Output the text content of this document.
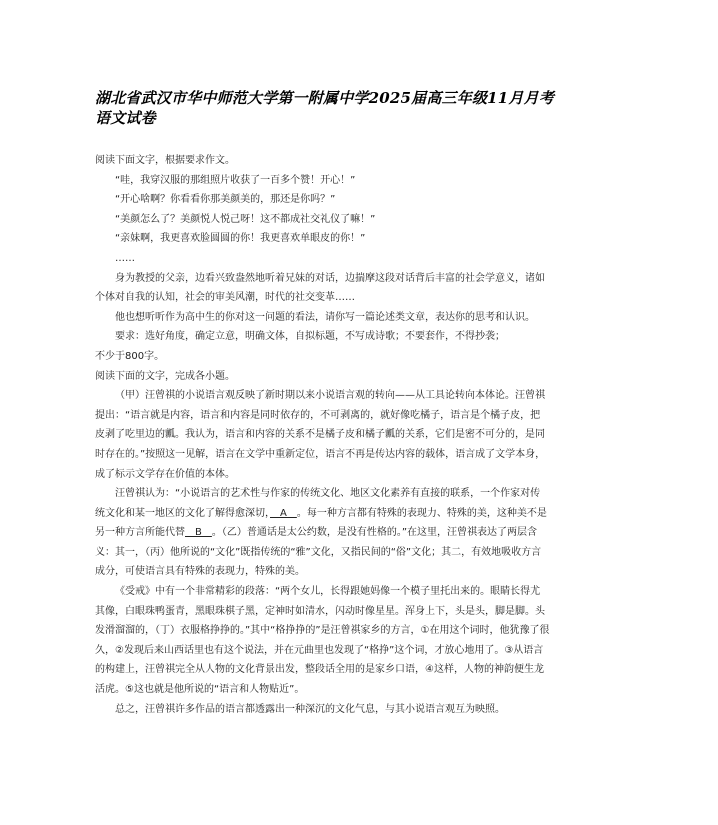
湖北省武汉市华中师范大学第一附属中学2025届高三年级11月月考语文试卷

阅读下面文字，根据要求作文。

“哇，我穿汉服的那组照片收获了一百多个赞！开心！”

“开心啥啊？你看看你那美颜美的，那还是你吗？”

“美颜怎么了？美颜悦人悦己呀！这不都成社交礼仪了嘛！”

“亲妹啊，我更喜欢脸圆圆的你！我更喜欢单眼皮的你！”

……

身为教授的父亲，边看兴致盎然地听着兄妹的对话，边揣摩这段对话背后丰富的社会学意义，诸如个体对自我的认知，社会的审美风潮，时代的社交变革……

他也想听听作为高中生的你对这一问题的看法，请你写一篇论述类文章，表达你的思考和认识。

要求：选好角度，确定立意，明确文体，自拟标题，不写成诗歌；不要套作，不得抄袭；

不少于800字。

阅读下面的文字，完成各小题。

（甲）汪曾祺的小说语言观反映了新时期以来小说语言观的转向——从工具论转向本体论。汪曾祺提出：“语言就是内容，语言和内容是同时依存的，不可剥离的，就好像吃橘子，语言是个橘子皮，把皮剥了吃里边的瓤。我认为，语言和内容的关系不是橘子皮和橘子瓤的关系，它们是密不可分的，是同时存在的。”按照这一见解，语言在文学中重新定位，语言不再是传达内容的载体，语言成了文学本身，成了标示文学存在价值的本体。

汪曾祺认为：“小说语言的艺术性与作家的传统文化、地区文化素养有直接的联系，一个作家对传统文化和某一地区的文化了解得愈深切，　A　。每一种方言都有特殊的表现力、特殊的美，这种美不是另一种方言所能代替　B　。（乙）普通话是太公约数，是没有性格的。”在这里，汪曾祺表达了两层含义：其一，（丙）他所说的“文化”既指传统的“雅”文化，又指民间的“俗”文化；其二，有效地吸收方言成分，可使语言具有特殊的表现力，特殊的美。

《受戒》中有一个非常精彩的段落：“两个女儿，长得跟她妈像一个模子里托出来的。眼睛长得尤其像，白眼珠鸭蛋青，黑眼珠棋子黑，定神时如清水，闪动时像星星。浑身上下，头是头，脚是脚。头发滑溜溜的，（丁）衣服格挣挣的。”其中“格挣挣的”是汪曾祺家乡的方言，①在用这个词时，他犹豫了很久，②发现后来山西话里也有这个说法，并在元曲里也发现了“格挣”这个词，才放心地用了。③从语言的构建上，汪曾祺完全从人物的文化背景出发，整段话全用的是家乡口语，④这样，人物的神韵便生龙活虎。⑤这也就是他所说的“语言和人物贴近”。

总之，汪曾祺许多作品的语言都透露出一种深沉的文化气息，与其小说语言观互为映照。
